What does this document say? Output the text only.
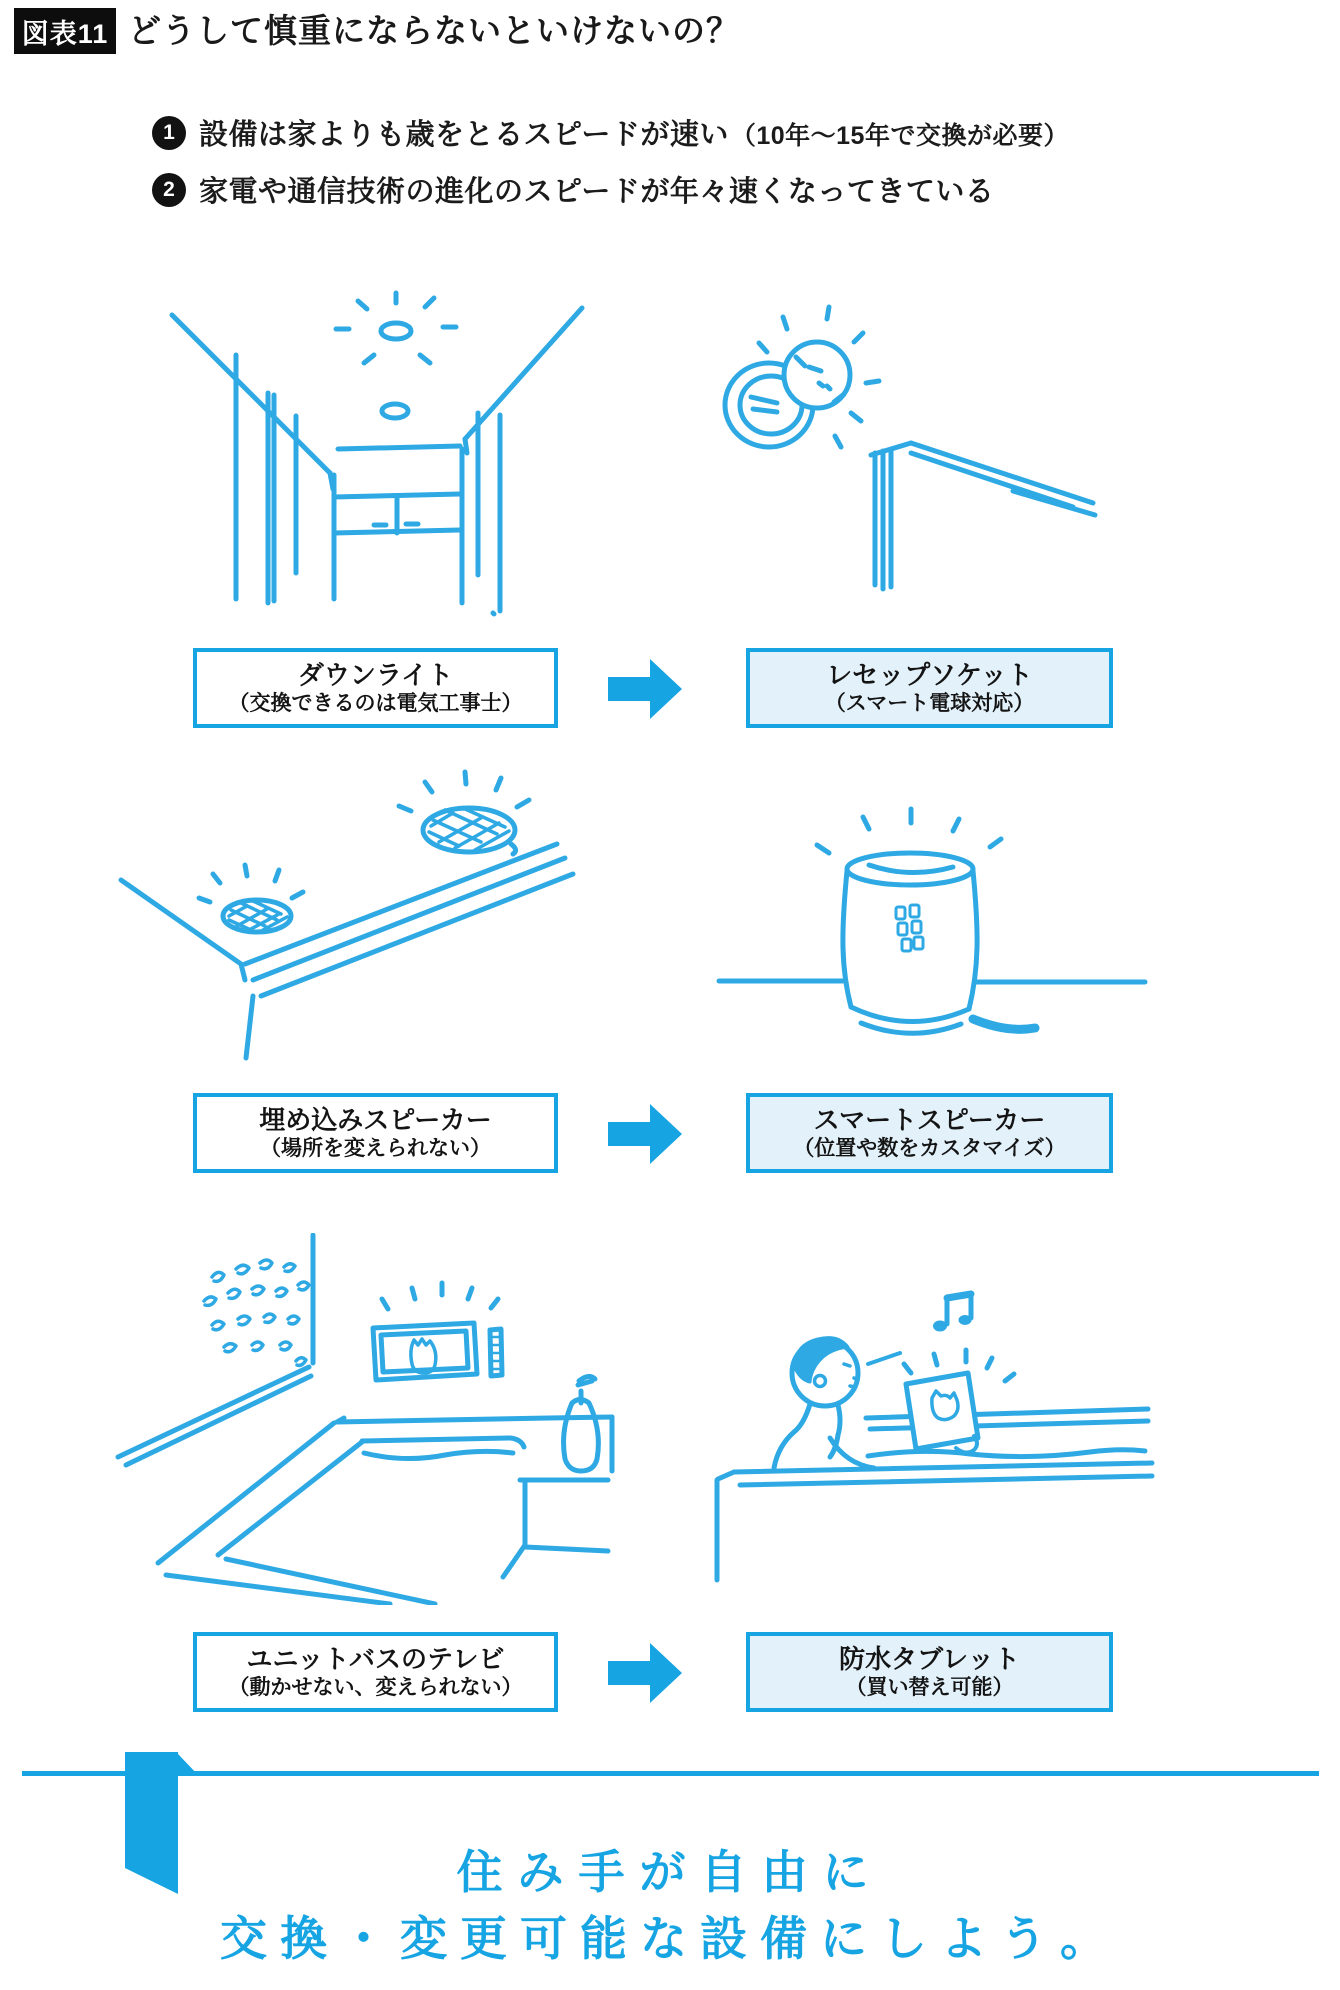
図表11 どうして慎重にならないといけないの？
1 設備は家よりも歳をとるスピードが速い（10年〜15年で交換が必要）
2 家電や通信技術の進化のスピードが年々速くなってきている
ダウンライト
（交換できるのは電気工事士）
レセップソケット
（スマート電球対応）
埋め込みスピーカー
（場所を変えられない）
スマートスピーカー
（位置や数をカスタマイズ）
ユニットバスのテレビ
（動かせない、変えられない）
防水タブレット
（買い替え可能）
住み手が自由に
交換・変更可能な設備にしよう。
